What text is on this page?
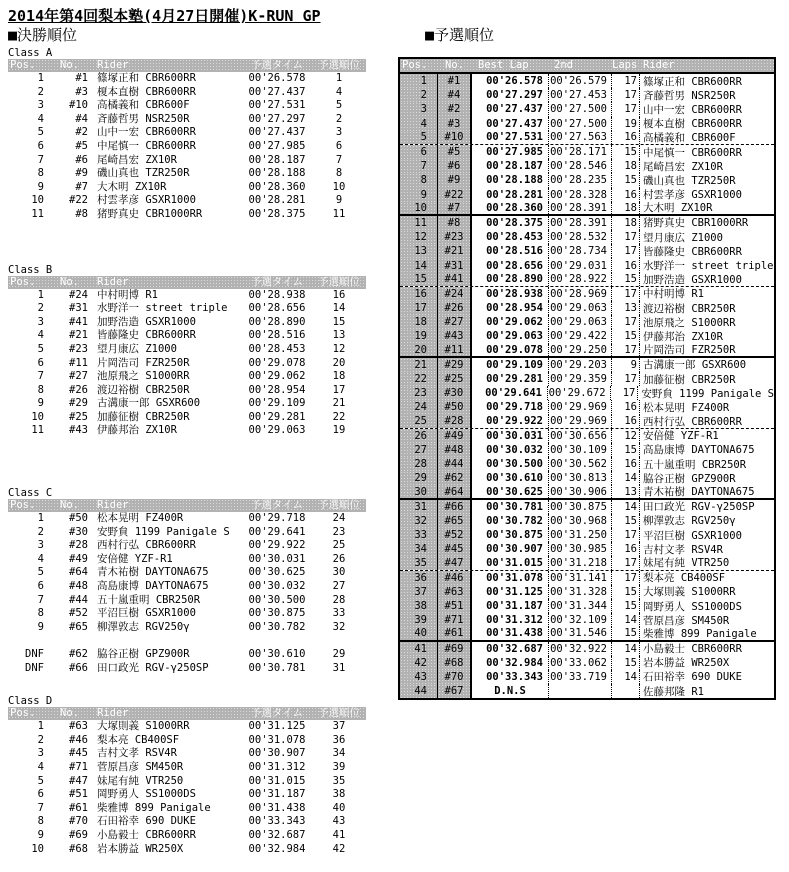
2014年第4回梨本塾(4月27日開催)K-RUN GP
■決勝順位
Class A
Pos.	No.	Rider	予選タイム	予選順位
1	#1 篠塚正和 CBR600RR	00'26.578	1
2	#3 榎本直樹 CBR600RR	00'27.437	4
3	#10 高橘義和 CBR600F	00'27.531	5
4	#4 斉藤哲男 NSR250R	00'27.297	2
5	#2 山中一宏 CBR600RR	00'27.437	3
6	#5 中尾慎一 CBR600RR	00'27.985	6
7	#6 尾崎昌宏 ZX10R	00'28.187	7
8	#9 磯山真也 TZR250R	00'28.188	8
9	#7 大木明 ZX10R	00'28.360	10
10	#22 村雲孝彦 GSXR1000	00'28.281	9
11	#8 猪野真史 CBR1000RR	00'28.375	11
Class B
Pos.	No.	Rider	予選タイム	予選順位
1	#24 中村明博 R1	00'28.938	16
2	#31 水野洋一 street triple	00'28.656	14
3	#41 加野浩造 GSXR1000	00'28.890	15
4	#21 皆藤隆史 CBR600RR	00'28.516	13
5	#23 望月康広 Z1000	00'28.453	12
6	#11 片岡浩司 FZR250R	00'29.078	20
7	#27 池原飛之 S1000RR	00'29.062	18
8	#26 渡辺裕樹 CBR250R	00'28.954	17
9	#29 古溝康一郎 GSXR600	00'29.109	21
10	#25 加藤征樹 CBR250R	00'29.281	22
11	#43 伊藤邦治 ZX10R	00'29.063	19
Class C
Pos.	No.	Rider	予選タイム	予選順位
1	#50 松本晃明 FZ400R	00'29.718	24
2	#30 安野貟 1199 Panigale S	00'29.641	23
3	#28 西村行弘 CBR600RR	00'29.922	25
4	#49 安倍健 YZF-R1	00'30.031	26
5	#64 青木祐樹 DAYTONA675	00'30.625	30
6	#48 高島康博 DAYTONA675	00'30.032	27
7	#44 五十嵐重明 CBR250R	00'30.500	28
8	#52 平沼巨樹 GSXR1000	00'30.875	33
9	#65 柳澤敦志 RGV250γ	00'30.782	32
DNF	#62 脇谷正樹 GPZ900R	00'30.610	29
DNF	#66 田口政光 RGV-γ250SP	00'30.781	31
Class D
Pos.	No.	Rider	予選タイム	予選順位
1	#63 大塚則義 S1000RR	00'31.125	37
2	#46 梨本亮 CB400SF	00'31.078	36
3	#45 吉村文孝 RSV4R	00'30.907	34
4	#71 菅原昌彦 SM450R	00'31.312	39
5	#47 妹尾有純 VTR250	00'31.015	35
6	#51 岡野勇人 SS1000DS	00'31.187	38
7	#61 柴雅博 899 Panigale	00'31.438	40
8	#70 石田裕幸 690 DUKE	00'33.343	43
9	#69 小島毅士 CBR600RR	00'32.687	41
10	#68 岩本勝益 WR250X	00'32.984	42
■予選順位
Pos.	No.	Best Lap	2nd	Laps Rider
1	#1	00'26.578 00'26.579	17 篠塚正和 CBR600RR
2	#4	00'27.297 00'27.453	17 斉藤哲男 NSR250R
3	#2	00'27.437 00'27.500	17 山中一宏 CBR600RR
4	#3	00'27.437 00'27.500	19 榎本直樹 CBR600RR
5	#10	00'27.531 00'27.563	16 高橘義和 CBR600F
6	#5	00'27.985 00'28.171	15 中尾慎一 CBR600RR
7	#6	00'28.187 00'28.546	18 尾崎昌宏 ZX10R
8	#9	00'28.188 00'28.235	15 磯山真也 TZR250R
9	#22	00'28.281 00'28.328	16 村雲孝彦 GSXR1000
10	#7	00'28.360 00'28.391	18 大木明 ZX10R
11	#8	00'28.375 00'28.391	18 猪野真史 CBR1000RR
12	#23	00'28.453 00'28.532	17 望月康広 Z1000
13	#21	00'28.516 00'28.734	17 皆藤隆史 CBR600RR
14	#31	00'28.656 00'29.031	16 水野洋一 street triple
15	#41	00'28.890 00'28.922	15 加野浩造 GSXR1000
16	#24	00'28.938 00'28.969	17 中村明博 R1
17	#26	00'28.954 00'29.063	13 渡辺裕樹 CBR250R
18	#27	00'29.062 00'29.063	17 池原飛之 S1000RR
19	#43	00'29.063 00'29.422	15 伊藤邦治 ZX10R
20	#11	00'29.078 00'29.250	17 片岡浩司 FZR250R
21	#29	00'29.109 00'29.203	9 古溝康一郎 GSXR600
22	#25	00'29.281 00'29.359	17 加藤征樹 CBR250R
23	#30	00'29.641 00'29.672	17 安野貟 1199 Panigale S
24	#50	00'29.718 00'29.969	16 松本晃明 FZ400R
25	#28	00'29.922 00'29.969	16 西村行弘 CBR600RR
26	#49	00'30.031 00'30.656	12 安倍健 YZF-R1
27	#48	00'30.032 00'30.109	15 高島康博 DAYTONA675
28	#44	00'30.500 00'30.562	16 五十嵐重明 CBR250R
29	#62	00'30.610 00'30.813	14 脇谷正樹 GPZ900R
30	#64	00'30.625 00'30.906	13 青木祐樹 DAYTONA675
31	#66	00'30.781 00'30.875	14 田口政光 RGV-γ250SP
32	#65	00'30.782 00'30.968	15 柳澤敦志 RGV250γ
33	#52	00'30.875 00'31.250	17 平沼巨樹 GSXR1000
34	#45	00'30.907 00'30.985	16 吉村文孝 RSV4R
35	#47	00'31.015 00'31.218	17 妹尾有純 VTR250
36	#46	00'31.078 00'31.141	17 梨本亮 CB400SF
37	#63	00'31.125 00'31.328	15 大塚則義 S1000RR
38	#51	00'31.187 00'31.344	15 岡野勇人 SS1000DS
39	#71	00'31.312 00'32.109	14 菅原昌彦 SM450R
40	#61	00'31.438 00'31.546	15 柴雅博 899 Panigale
41	#69	00'32.687 00'32.922	14 小島毅士 CBR600RR
42	#68	00'32.984 00'33.062	15 岩本勝益 WR250X
43	#70	00'33.343 00'33.719	14 石田裕幸 690 DUKE
44	#67	D.N.S	佐藤邦隆 R1
